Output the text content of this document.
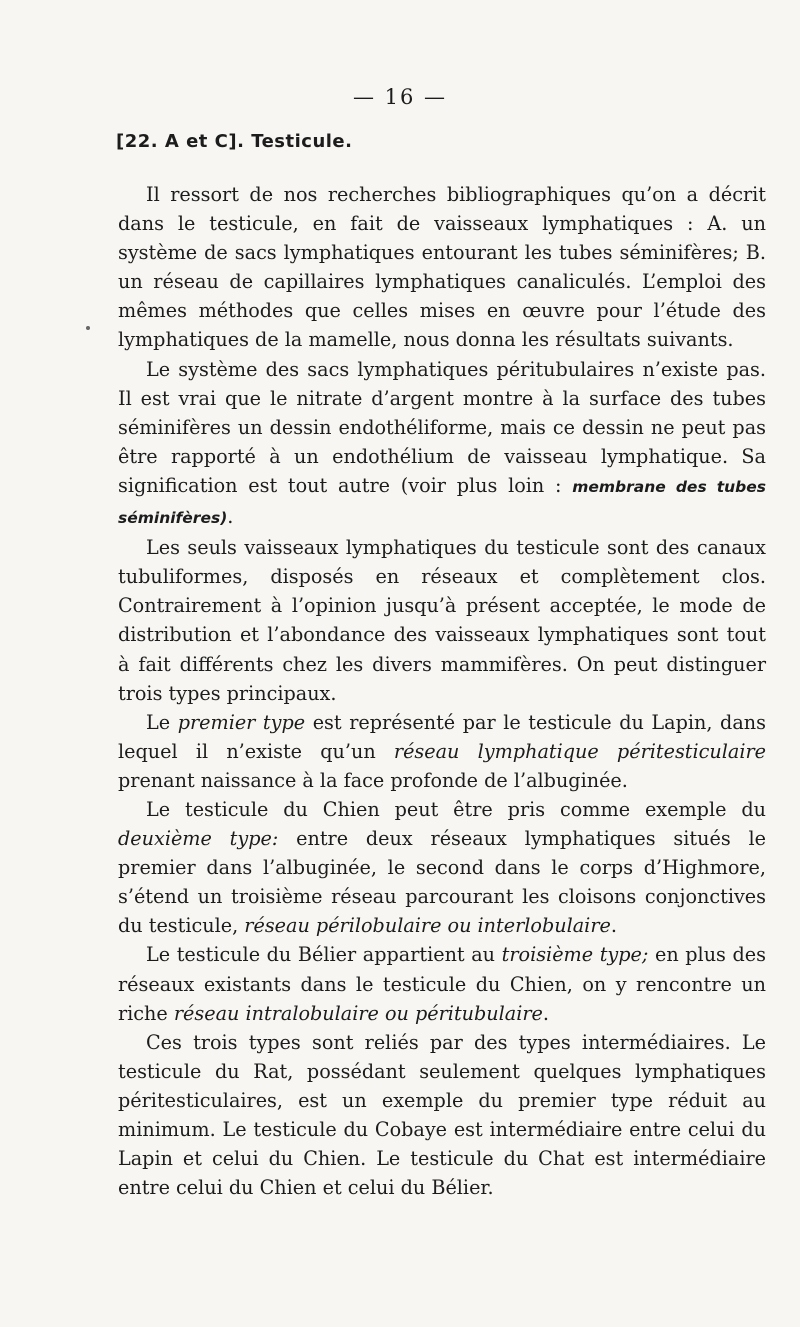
— 16 —
[22. A et C]. Testicule.

Il ressort de nos recherches bibliographiques qu’on a décrit dans le testicule, en fait de vaisseaux lymphatiques : A. un système de sacs lymphatiques entourant les tubes séminifères; B. un réseau de capillaires lymphatiques canaliculés. L’emploi des mêmes méthodes que celles mises en œuvre pour l’étude des lymphatiques de la mamelle, nous donna les résultats suivants.

Le système des sacs lymphatiques péritubulaires n’existe pas. Il est vrai que le nitrate d’argent montre à la surface des tubes séminifères un dessin endothéliforme, mais ce dessin ne peut pas être rapporté à un endothélium de vaisseau lymphatique. Sa signification est tout autre (voir plus loin : membrane des tubes séminifères).

Les seuls vaisseaux lymphatiques du testicule sont des canaux tubuliformes, disposés en réseaux et complètement clos. Contrairement à l’opinion jusqu’à présent acceptée, le mode de distribution et l’abondance des vaisseaux lymphatiques sont tout à fait différents chez les divers mammifères. On peut distinguer trois types principaux.

Le premier type est représenté par le testicule du Lapin, dans lequel il n’existe qu’un réseau lymphatique péritesticulaire prenant naissance à la face profonde de l’albuginée.

Le testicule du Chien peut être pris comme exemple du deuxième type: entre deux réseaux lymphatiques situés le premier dans l’albuginée, le second dans le corps d’Highmore, s’étend un troisième réseau parcourant les cloisons conjonctives du testicule, réseau périlobulaire ou interlobulaire.

Le testicule du Bélier appartient au troisième type; en plus des réseaux existants dans le testicule du Chien, on y rencontre un riche réseau intralobulaire ou péritubulaire.

Ces trois types sont reliés par des types intermédiaires. Le testicule du Rat, possédant seulement quelques lymphatiques péritesticulaires, est un exemple du premier type réduit au minimum. Le testicule du Cobaye est intermédiaire entre celui du Lapin et celui du Chien. Le testicule du Chat est intermédiaire entre celui du Chien et celui du Bélier.
